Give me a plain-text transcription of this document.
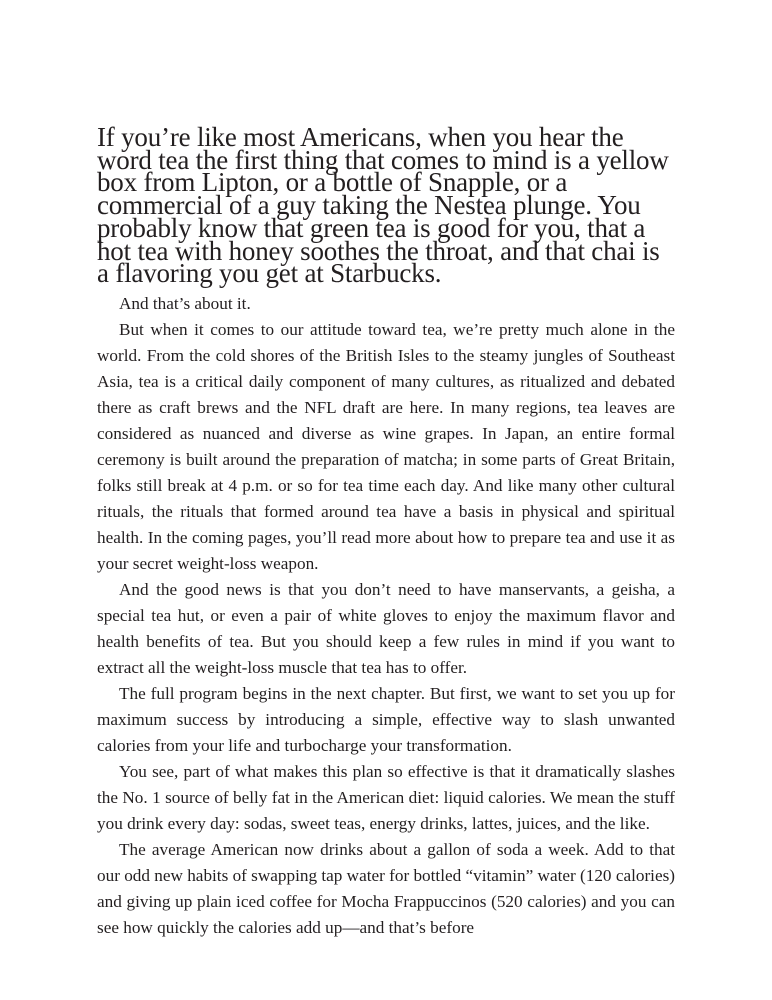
If you’re like most Americans, when you hear the word tea the first thing that comes to mind is a yellow box from Lipton, or a bottle of Snapple, or a commercial of a guy taking the Nestea plunge. You probably know that green tea is good for you, that a hot tea with honey soothes the throat, and that chai is a flavoring you get at Starbucks.

And that’s about it.

But when it comes to our attitude toward tea, we’re pretty much alone in the world. From the cold shores of the British Isles to the steamy jungles of Southeast Asia, tea is a critical daily component of many cultures, as ritualized and debated there as craft brews and the NFL draft are here. In many regions, tea leaves are considered as nuanced and diverse as wine grapes. In Japan, an entire formal ceremony is built around the preparation of matcha; in some parts of Great Britain, folks still break at 4 p.m. or so for tea time each day. And like many other cultural rituals, the rituals that formed around tea have a basis in physical and spiritual health. In the coming pages, you’ll read more about how to prepare tea and use it as your secret weight-loss weapon.

And the good news is that you don’t need to have manservants, a geisha, a special tea hut, or even a pair of white gloves to enjoy the maximum flavor and health benefits of tea. But you should keep a few rules in mind if you want to extract all the weight-loss muscle that tea has to offer.

The full program begins in the next chapter. But first, we want to set you up for maximum success by introducing a simple, effective way to slash unwanted calories from your life and turbocharge your transformation.

You see, part of what makes this plan so effective is that it dramatically slashes the No. 1 source of belly fat in the American diet: liquid calories. We mean the stuff you drink every day: sodas, sweet teas, energy drinks, lattes, juices, and the like.

The average American now drinks about a gallon of soda a week. Add to that our odd new habits of swapping tap water for bottled “vitamin” water (120 calories) and giving up plain iced coffee for Mocha Frappuccinos (520 calories) and you can see how quickly the calories add up—and that’s before
